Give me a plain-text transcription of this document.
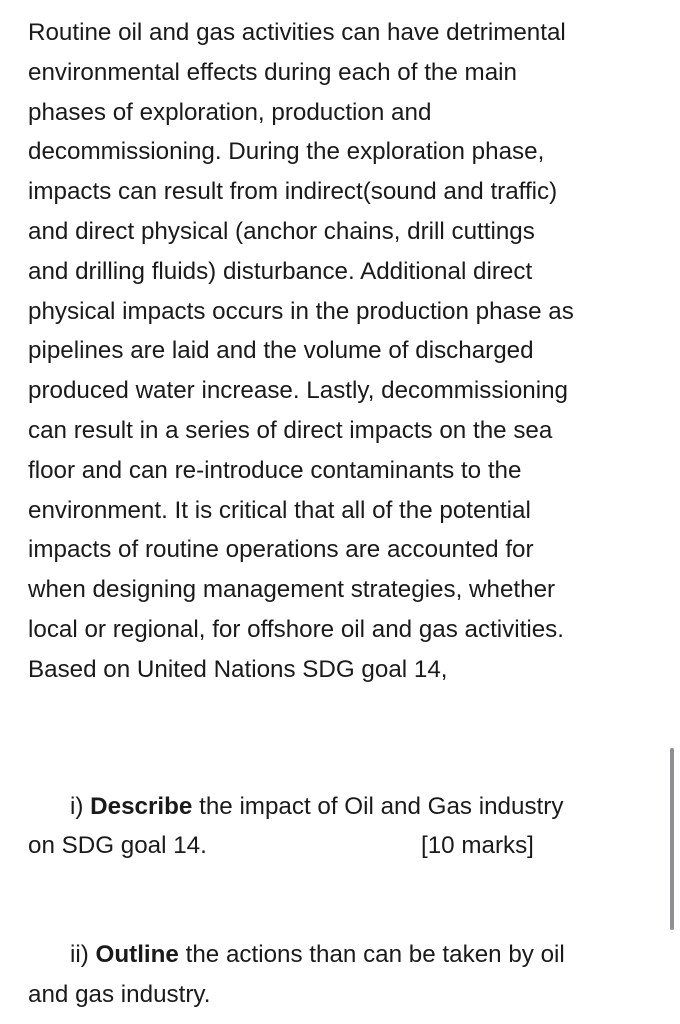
Routine oil and gas activities can have detrimental
environmental effects during each of the main
phases of exploration, production and
decommissioning. During the exploration phase,
impacts can result from indirect(sound and traffic)
and direct physical (anchor chains, drill cuttings
and drilling fluids) disturbance. Additional direct
physical impacts occurs in the production phase as
pipelines are laid and the volume of discharged
produced water increase. Lastly, decommissioning
can result in a series of direct impacts on the sea
floor and can re-introduce contaminants to the
environment. It is critical that all of the potential
impacts of routine operations are accounted for
when designing management strategies, whether
local or regional, for offshore oil and gas activities.
Based on United Nations SDG goal 14,

i) Describe the impact of Oil and Gas industry
on SDG goal 14.	[10 marks]

ii) Outline the actions than can be taken by oil
and gas industry.
